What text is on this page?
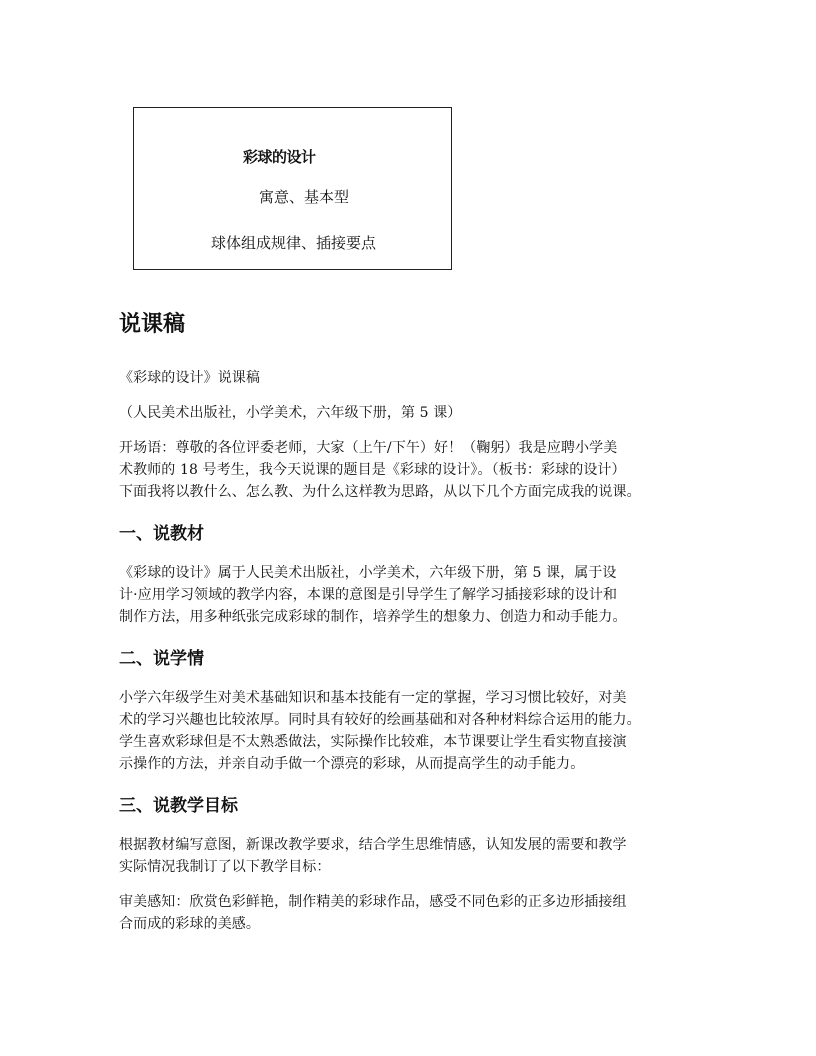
彩球的设计
寓意、基本型
球体组成规律、插接要点
说课稿
《彩球的设计》说课稿
（人民美术出版社，小学美术，六年级下册，第 5 课）
开场语：尊敬的各位评委老师，大家（上午/下午）好！（鞠躬）我是应聘小学美
术教师的 18 号考生，我今天说课的题目是《彩球的设计》。（板书：彩球的设计）
下面我将以教什么、怎么教、为什么这样教为思路，从以下几个方面完成我的说课。
一、说教材
《彩球的设计》属于人民美术出版社，小学美术，六年级下册，第 5 课，属于设
计·应用学习领域的教学内容，本课的意图是引导学生了解学习插接彩球的设计和
制作方法，用多种纸张完成彩球的制作，培养学生的想象力、创造力和动手能力。
二、说学情
小学六年级学生对美术基础知识和基本技能有一定的掌握，学习习惯比较好，对美
术的学习兴趣也比较浓厚。同时具有较好的绘画基础和对各种材料综合运用的能力。
学生喜欢彩球但是不太熟悉做法，实际操作比较难，本节课要让学生看实物直接演
示操作的方法，并亲自动手做一个漂亮的彩球，从而提高学生的动手能力。
三、说教学目标
根据教材编写意图，新课改教学要求，结合学生思维情感，认知发展的需要和教学
实际情况我制订了以下教学目标：
审美感知：欣赏色彩鲜艳，制作精美的彩球作品，感受不同色彩的正多边形插接组
合而成的彩球的美感。
